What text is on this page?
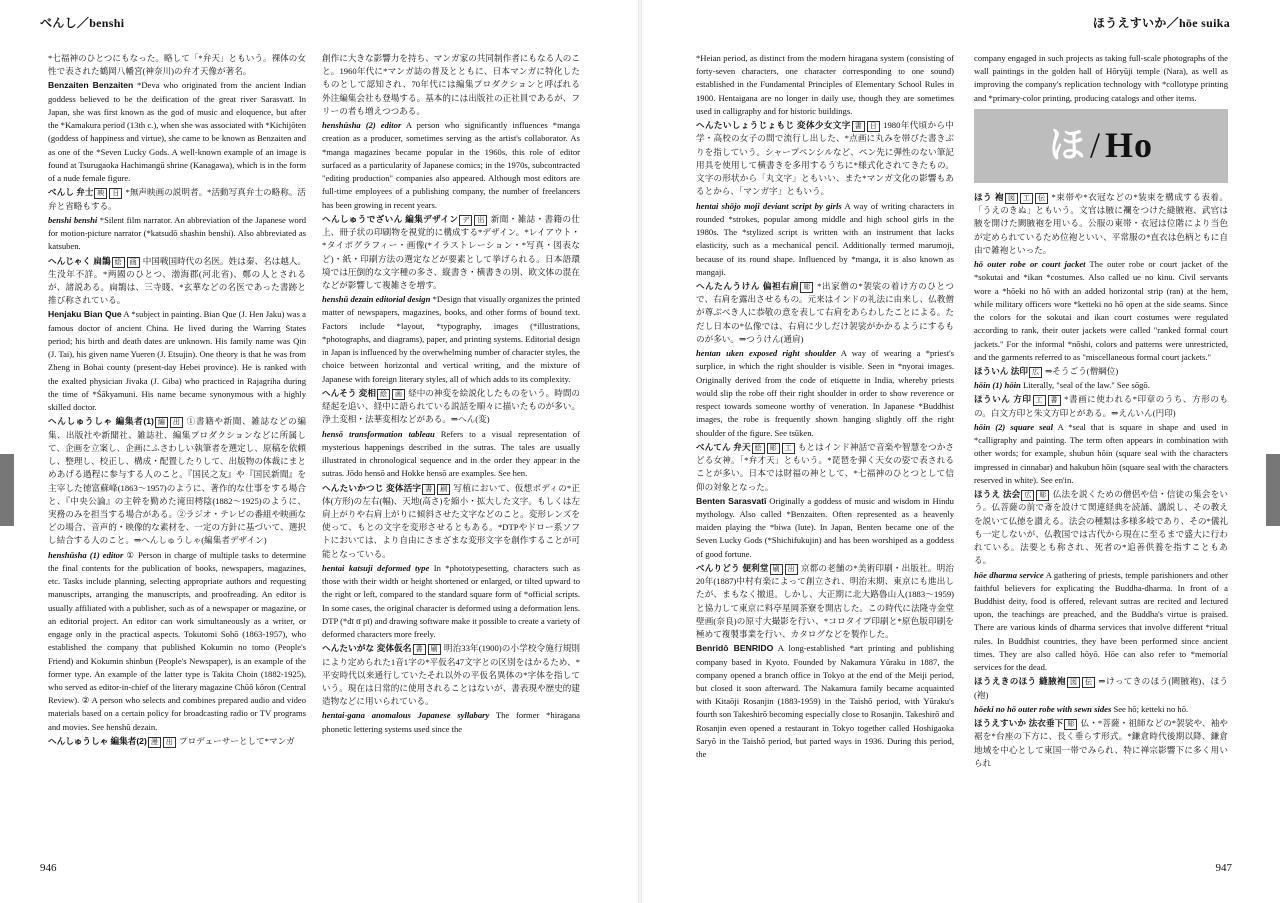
べんし／benshi

*七福神のひとつにもなった。略して「*弁天」ともいう。裸体の女性で表された鶴岡八幡宮(神奈川)の弁才天像が著名。

Benzaiten Benzaiten *Deva who originated from the ancient Indian goddess believed to be the deification of the great river Sarasvatī. In Japan, she was first known as the god of music and eloquence, but after the *Kamakura period (13th c.), when she was associated with *Kichijōten (goddess of happiness and virtue), she came to be known as Benzaiten and as one of the *Seven Lucky Gods. A well-known example of an image is found at Tsurugaoka Hachimangū shrine (Kanagawa), which is in the form of a nude female figure.

べんし 弁士 映 日 *無声映画の説明者。*活動写真弁士の略称。活弁と省略もする。

benshi benshi *Silent film narrator. An abbreviation of the Japanese word for motion-picture narrator (*katsudō shashin benshi). Also abbreviated as katsuben.

へんじゃく 扁鵲 絵 画 中国戦国時代の名医。姓は秦、名は越人。生没年不詳。*两國のひとつ、渤海郡(河北省)、鄭の人とされるが、諸説ある。扁鵲は、三寺賤、*玄華などの名医であった書跡と推び称されている。

Henjaku Bian Que A *subject in painting. Bian Que (J. Hen Jaku) was a famous doctor of ancient China. He lived during the Warring States period; his birth and death dates are unknown. His family name was Qin (J. Tai), his given name Yueren (J. Etsujin). One theory is that he was from Zheng in Bohai county (present-day Hebei province). He is ranked with the exalted physician Jivaka (J. Giba) who practiced in Rajagriha during the time of *Śākyamuni. His name became synonymous with a highly skilled doctor.

へんしゅうしゃ 編集者(1) 編 出 ①書籍や新聞、雑誌などの編集、出版社や新聞社、雑誌社、編集プロダクションなどに所属して、企画を立案し、企画にふさわしい執筆者を選定し、原稿を依頼し、整理し、校正し、構成・配置したりして、出版物の体裁にまとめあげる過程に参与する人のこと。『国民之友』や『国民新聞』を主宰した徳富蘇峰(1863～1957)のように、著作的な仕事をする場合と、『中央公論』の主幹を勤めた滝田樗陰(1882～1925)のように、実務のみを担当する場合がある。②ラジオ・テレビの番組や映画などの場合、音声的・映像的な素材を、一定の方針に基づいて、選択し結合する人のこと。⇒へんしゅうしゃ(編集者デザイン)

henshūsha (1) editor ① Person in charge of multiple tasks to determine the final contents for the publication of books, newspapers, magazines, etc. Tasks include planning, selecting appropriate authors and requesting manuscripts, arranging the manuscripts, and proofreading. An editor is usually affiliated with a publisher, such as of a newspaper or magazine, or an editorial project. An editor can work simultaneously as a writer, or engage only in the practical aspects. Tokutomi Sohō (1863-1957), who established the company that published Kokumin no tomo (People's Friend) and Kokumin shinbun (People's Newspaper), is an example of the former type. An example of the latter type is Takita Choin (1882-1925), who served as editor-in-chief of the literary magazine Chūō kōron (Central Review). ② A person who selects and combines prepared audio and video materials based on a certain policy for broadcasting radio or TV programs and movies. See henshū dezain.

へんしゅうしゃ 編集者(2) 漫 出 プロデューサーとして*マンガ

創作に大きな影響力を持ち、マンガ家の共同制作者にもなる人のこと。1960年代に*マンガ誌の普及とともに、日本マンガに特化したものとして認知され、70年代には編集プロダクションと呼ばれる外注編集会社も登場する。基本的には出版社の正社員であるが、フリーの者も増えつつある。

henshūsha (2) editor A person who significantly influences *manga creation as a producer, sometimes serving as the artist's collaborator. As *manga magazines became popular in the 1960s, this role of editor surfaced as a particularity of Japanese comics; in the 1970s, subcontracted "editing production" companies also appeared. Although most editors are full-time employees of a publishing company, the number of freelancers has been growing in recent years.

へんしゅうでざいん 編集デザイン デ 出 新聞・雑誌・書籍の仕上、冊子状の印刷物を視覚的に構成する*デザイン。*レイアウト・*タイポグラフィー・画像(*イラストレーション・*写真・図表など)・紙・印刷方法の選定などが要素として挙げられる。日本語環境では圧倒的な文字種の多さ、縦書き・横書きの別、欧文体の混在などが影響して複雑さを増す。

henshū dezain editorial design *Design that visually organizes the printed matter of newspapers, magazines, books, and other forms of bound text. Factors include *layout, *typography, images (*illustrations, *photographs, and diagrams), paper, and printing systems. Editorial design in Japan is influenced by the overwhelming number of character styles, the choice between horizontal and vertical writing, and the mixture of Japanese with foreign literary styles, all of which adds to its complexity.

へんそう 変相 絵 画 経中の神変を絵説化したものをいう。時間の経起を追い、経中に語られている説話を順々に描いたものが多い。浄土変相・法華変相などがある。⇒へん(変)

hensō transformation tableau Refers to a visual representation of mysterious happenings described in the sutras. The tales are usually illustrated in chronological sequence and in the order they appear in the sutras. Jōdo hensō and Hokke hensō are examples. See hen.

へんたいかつじ 変体活字 書 刷 写植において、仮想ボディの*正体(方形)の左右(幅)、天地(高さ)を縮小・拡大した文字。もしくは左肩上がりや右肩上がりに傾斜させた文字などのこと。変形レンズを使って、もとの文字を変形させるともある。*DTPやドロー系ソフトにおいては、より自由にさまざまな変形文字を創作することが可能となっている。

hentai katsuji deformed type In *phototypesetting, characters such as those with their width or height shortened or enlarged, or tilted upward to the right or left, compared to the standard square form of *official scripts. In some cases, the original character is deformed using a deformation lens. DTP (*dī tī pī) and drawing software make it possible to create a variety of deformed characters more freely.

へんたいがな 変体仮名 書 刷 明治33年(1900)の小学校令施行規則により定められた1音1字の*平仮名47文字との区別をはかるため、*平安時代以来通行していたそれ以外の平仮名異体の*字体を指していう。現在は日常的に使用されることはないが、書表現や歴史的建造物などに用いられている。

hentai-gana anomalous Japanese syllabary The former *hiragana phonetic lettering systems used since the

946
ほうえすいか／hōe suika

*Heian period, as distinct from the modern hiragana system (consisting of forty-seven characters, one character corresponding to one sound) established in the Fundamental Principles of Elementary School Rules in 1900. Hentaigana are no longer in daily use, though they are sometimes used in calligraphy and for historic buildings.

へんたいしょうじょもじ 変体少女文字 書 日 1980年代頃から中学・高校の女子の間で流行し出した、*点画に丸みを帯びた書きぶりを指していう。シャープペンシルなど、ペン先に弾性のない筆記用具を使用して横書きを多用するうちに*様式化されてきたもの。文字の形状から「丸文字」ともいい、また*マンガ文化の影響もあるとから、「マンガ字」ともいう。

hentai shōjo moji deviant script by girls A way of writing characters in rounded *strokes, popular among middle and high school girls in the 1980s. The *stylized script is written with an instrument that lacks elasticity, such as a mechanical pencil. Additionally termed marumoji, because of its round shape. Influenced by *manga, it is also known as mangaji.

へんたんうけん 偏袒右肩 彫 *出家僧の*袈裟の着け方のひとつで、右肩を露出させるもの。元来はインドの礼法に由来し、仏教僧が尊ぶべき人に恭敬の意を表して右肩をあらわしたことによる。ただし日本の*仏像では、右肩に少しだけ袈裟がかかるようにするものが多い。⇒つうけん(通肩)

hentan uken exposed right shoulder A way of wearing a *priest's surplice, in which the right shoulder is visible. Seen in *nyorai images. Originally derived from the code of etiquette in India, whereby priests would slip the robe off their right shoulder in order to show reverence or respect towards someone worthy of veneration. In Japanese *Buddhist images, the robe is frequently shown hanging slightly off the right shoulder of the figure. See tsūken.

べんてん 弁天 絵 彫 工 もとはインド神話で音楽や智慧をつかさどる女神。「*弁才天」ともいう。*琵琶を弾く天女の姿で表されることが多い。日本では財福の神として、*七福神のひとつとして信仰の対象となった。

Benten Sarasvatī Originally a goddess of music and wisdom in Hindu mythology. Also called *Benzaiten. Often represented as a heavenly maiden playing the *biwa (lute). In Japan, Benten became one of the Seven Lucky Gods (*Shichifukujin) and has been worshiped as a goddess of good fortune.

べんりどう 便利堂 刷 出 京都の老舗の*美術印刷・出版社。明治20年(1887)中村有楽によって創立され、明治末期、東京にも進出したが、まもなく撤退。しかし、大正期に北大路魯山人(1883～1959)と協力して東京に料亭星岡茶寮を開店した。この時代に法隆寺金堂壁画(奈良)の原寸大撮影を行い、*コロタイプ印刷と*原色版印刷を極めて複製事業を行い、カタログなどを製作した。

Benridō BENRIDO A long-established *art printing and publishing company based in Kyoto. Founded by Nakamura Yūraku in 1887, the company opened a branch office in Tokyo at the end of the Meiji period, but closed it soon afterward. The Nakamura family became acquainted with Kitaōji Rosanjin (1883-1959) in the Taishō period, with Yūraku's fourth son Takeshirō becoming especially close to Rosanjin. Takeshirō and Rosanjin even opened a restaurant in Tokyo together called Hoshigaoka Saryō in the Taishō period, but parted ways in 1936. During this period, the

company engaged in such projects as taking full-scale photographs of the wall paintings in the golden hall of Hōryūji temple (Nara), as well as improving the company's replication technology with *collotype printing and *primary-color printing, producing catalogs and other items.

ほ / Ho

ほう 袍 図 工 伝 *束帯や*衣冠などの*装束を構成する表着。「うえのきぬ」ともいう。文官は腋に襴をつけた縫腋袍、武官は腋を開けた闕腋袍を用いる。公服の東帯・衣冠は位階により当色が定められているため位袍といい、平常服の*直衣は色柄ともに自由で雑袍といった。

hō outer robe or court jacket The outer robe or court jacket of the *sokutai and *ikan *costumes. Also called ue no kinu. Civil servants wore a *hōeki no hō with an added horizontal strip (ran) at the hem, while military officers wore *ketteki no hō open at the side seams. Since the colors for the sokutai and ikan court costumes were regulated according to rank, their outer jackets were called "ranked formal court jackets." For the informal *nōshi, colors and patterns were unrestricted, and the garments referred to as "miscellaneous formal court jackets."

ほういん 法印 広 ⇒そうごう(僧綱位)

hōin (1) hōin Literally, "seal of the law." See sōgō.

ほういん 方印 工 書 *書画に使われる*印章のうち、方形のもの。白文方印と朱文方印とがある。⇒えんいん(円印)

hōin (2) square seal A *seal that is square in shape and used in *calligraphy and painting. The term often appears in combination with other words; for example, shubun hōin (square seal with the characters impressed in cinnabar) and hakubun hōin (square seal with the characters reserved in white). See en'in.

ほうえ 法会 広 彫 仏法を説くための僧侶や信・信徒の集会をいう。仏菩薩の前で斎を設けて関連経典を読誦、講説し、その教えを説いて仏徳を讃える。法会の種類は多様多岐であり、その*儀礼も一定しないが、仏教国では古代から現在に至るまで盛大に行われている。法要とも称され、死者の*追善供養を指すこともある。

hōe dharma service A gathering of priests, temple parishioners and other faithful believers for explicating the Buddha-dharma. In front of a Buddhist deity, food is offered, relevant sutras are recited and lectured upon, the teachings are preached, and the Buddha's virtue is praised. There are various kinds of dharma services that involve different *ritual rules. In Buddhist countries, they have been performed since ancient times. They are also called hōyō. Hōe can also refer to *memorial services for the dead.

ほうえきのほう 縫腋袍 図 伝 ⇒けってきのほう(闕腋袍)、ほう(袍)

hōeki no hō outer robe with sewn sides See hō; ketteki no hō.

ほうえすいか 法衣垂下 彫 仏・*菩薩・祖師などの*袈裟や、袖や裾を*台座の下方に、長く垂らす形式。*鎌倉時代後期以降、鎌倉地域を中心として東国一帯でみられ、特に禅宗影響下に多く用いられ

947
